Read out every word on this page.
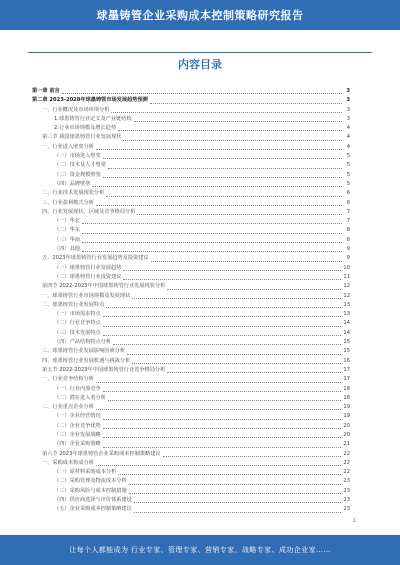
球墨铸管企业采购成本控制策略研究报告
内容目录
第一章 前言	3
第二章 2023-2028年球墨铸管市场发展趋势预测	3
一、行业概况及市场环境分析	3
1.球墨铸管行业定义及产业链结构	3
2.行业市场规模及增长趋势	4
第三节 我国球墨铸管行业发展现状	4
一、行业进入壁垒分析	4
（一）市场进入壁垒	5
（二）技术及人才壁垒	5
（三）资金规模壁垒	5
（四）品牌壁垒	5
二、行业技术发展现状分析	6
三、行业盈利模式分析	6
四、行业发展现状、区域及竞争格局分析	7
（一）华北	7
（二）华东	8
（三）华南	8
（四）其他	9
五、2023年球墨铸管行业发展趋势及投资建议	9
（一）球墨铸管行业发展趋势	10
（二）球墨铸管行业投资建议	11
第四节 2022-2023年中国球墨铸管行业发展现状分析	12
一、球墨铸管行业市场规模及发展现状	12
二、球墨铸管行业发展特点	13
（一）市场需求特点	13
（二）行业竞争特点	14
（三）技术发展特点	14
（四）产品结构特点分析	15
三、球墨铸管行业发展影响因素分析	15
四、球墨铸管行业发展机遇与挑战分析	16
第五节 2022-2023年中国球墨铸管行业竞争格局分析	17
一、行业竞争结构分析	17
（一）行业内部竞争	18
（二）潜在进入者分析	18
二、行业重点企业分析	19
（一）企业经营情况	19
（二）企业竞争优势	20
（三）企业发展战略	20
（四）企业采购策略	21
第六节 2023年球墨铸管企业采购成本控制策略建议	22
一、采购成本构成分析	22
（一）原材料采购成本分析	22
（二）采购管理及物流成本分析	23
（三）采购风险与成本控制措施	23
（四）供应商选择与评价体系建设	23
（五）企业采购成本控制策略建议	23
1
让每个人都能成为 行业专家、管理专家、营销专家、战略专家、成功企业家……
